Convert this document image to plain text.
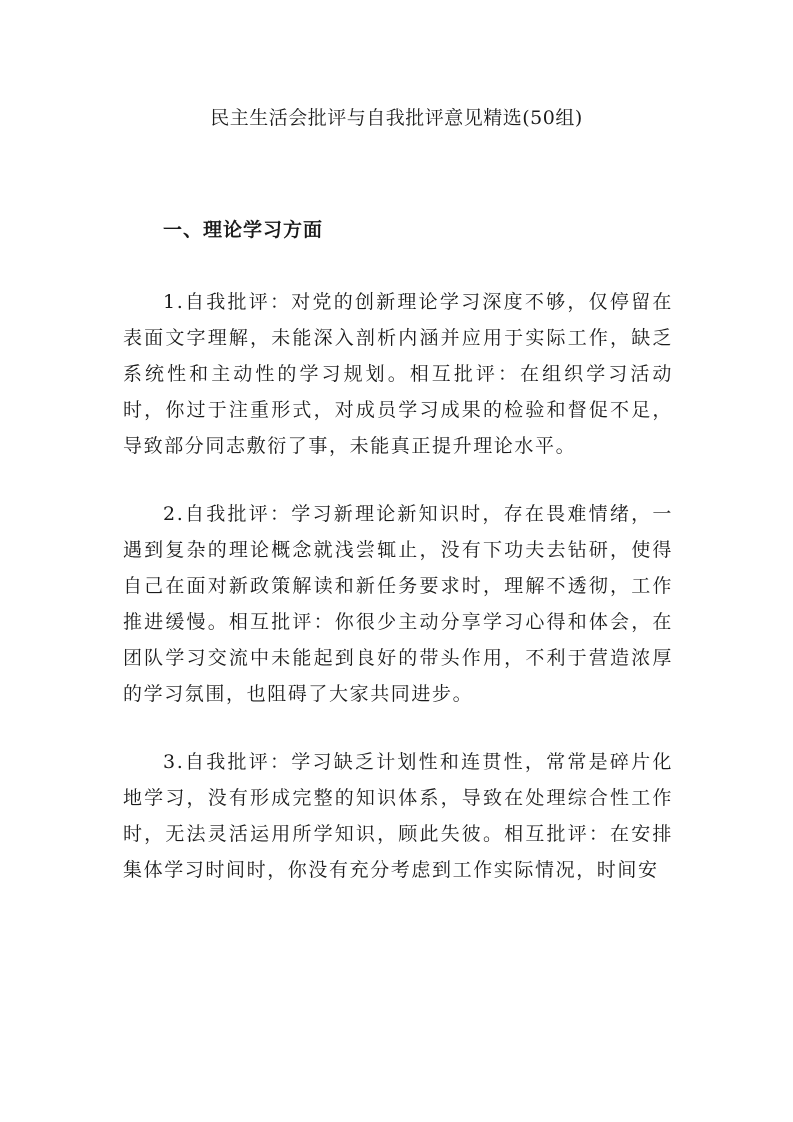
民主生活会批评与自我批评意见精选(50组)
一、理论学习方面

1.自我批评：对党的创新理论学习深度不够，仅停留在表面文字理解，未能深入剖析内涵并应用于实际工作，缺乏系统性和主动性的学习规划。相互批评：在组织学习活动时，你过于注重形式，对成员学习成果的检验和督促不足，导致部分同志敷衍了事，未能真正提升理论水平。

2.自我批评：学习新理论新知识时，存在畏难情绪，一遇到复杂的理论概念就浅尝辄止，没有下功夫去钻研，使得自己在面对新政策解读和新任务要求时，理解不透彻，工作推进缓慢。相互批评：你很少主动分享学习心得和体会，在团队学习交流中未能起到良好的带头作用，不利于营造浓厚的学习氛围，也阻碍了大家共同进步。

3.自我批评：学习缺乏计划性和连贯性，常常是碎片化地学习，没有形成完整的知识体系，导致在处理综合性工作时，无法灵活运用所学知识，顾此失彼。相互批评：在安排集体学习时间时，你没有充分考虑到工作实际情况，时间安
